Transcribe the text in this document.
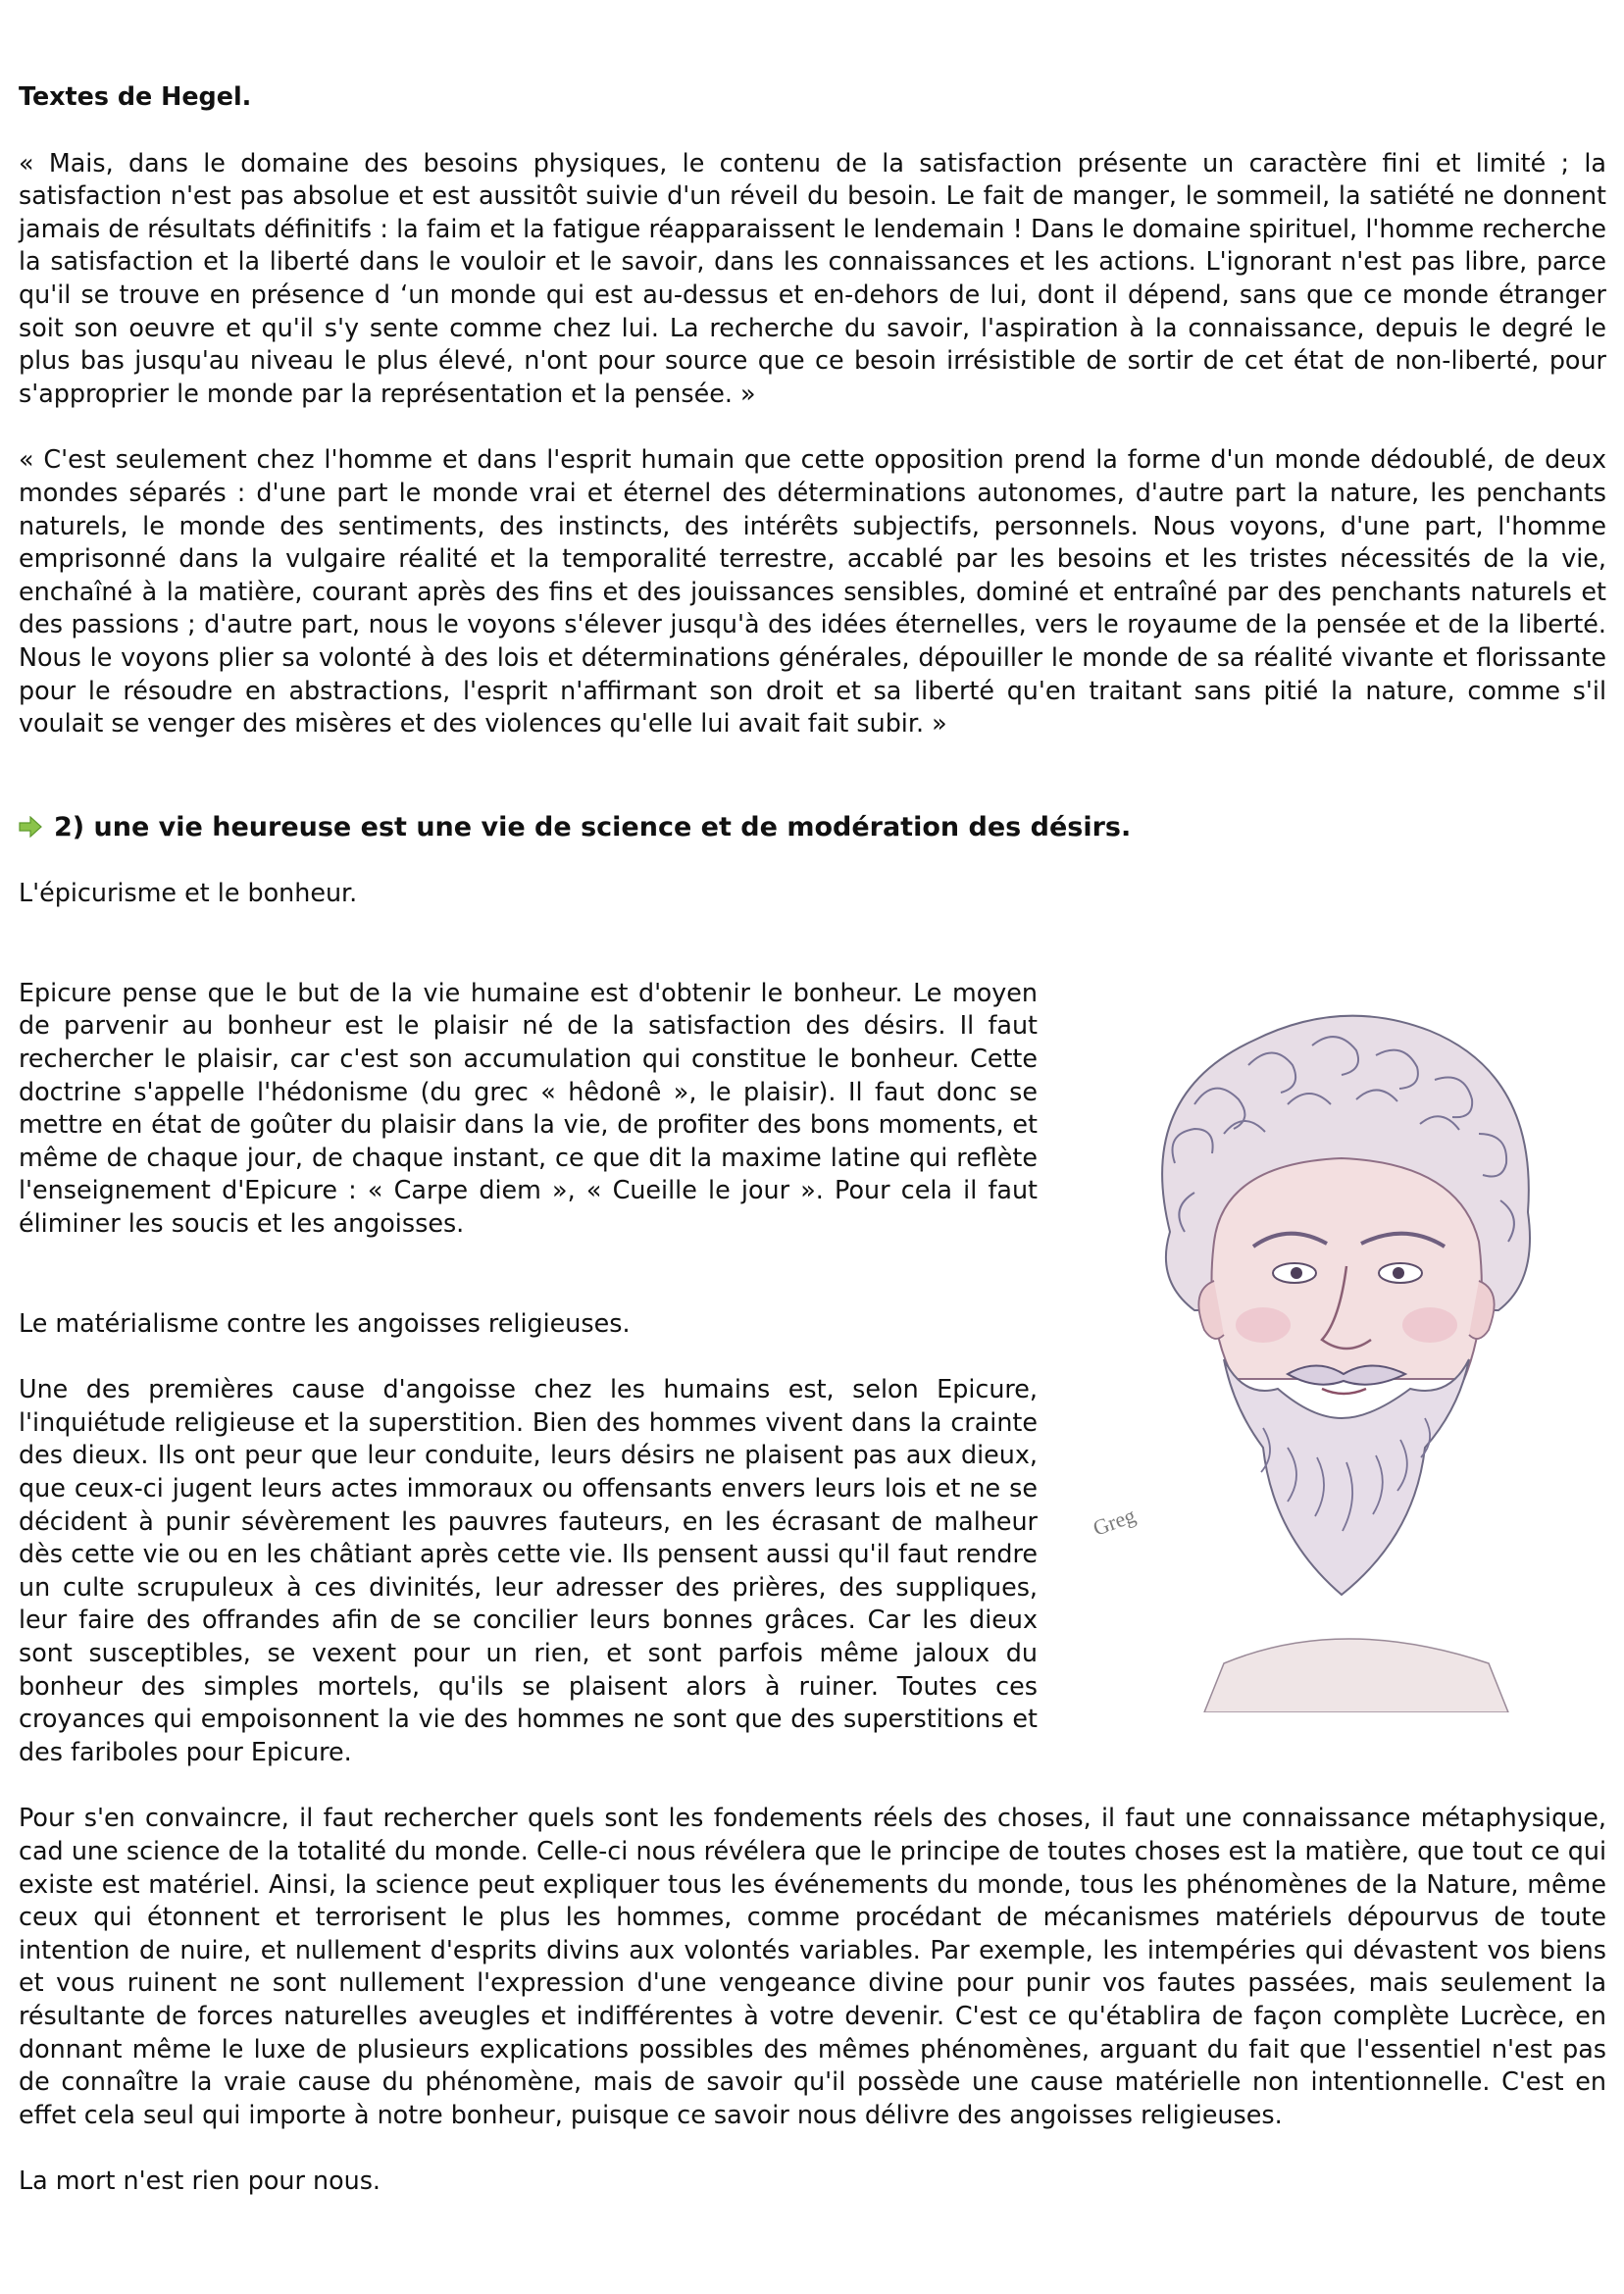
Textes de Hegel.

« Mais, dans le domaine des besoins physiques, le contenu de la satisfaction présente un caractère fini et limité ; la satisfaction n'est pas absolue et est aussitôt suivie d'un réveil du besoin. Le fait de manger, le sommeil, la satiété ne donnent jamais de résultats définitifs : la faim et la fatigue réapparaissent le lendemain ! Dans le domaine spirituel, l'homme recherche la satisfaction et la liberté dans le vouloir et le savoir, dans les connaissances et les actions. L'ignorant n'est pas libre, parce qu'il se trouve en présence d ‘un monde qui est au-dessus et en-dehors de lui, dont il dépend, sans que ce monde étranger soit son oeuvre et qu'il s'y sente comme chez lui. La recherche du savoir, l'aspiration à la connaissance, depuis le degré le plus bas jusqu'au niveau le plus élevé, n'ont pour source que ce besoin irrésistible de sortir de cet état de non-liberté, pour s'approprier le monde par la représentation et la pensée. »

« C'est seulement chez l'homme et dans l'esprit humain que cette opposition prend la forme d'un monde dédoublé, de deux mondes séparés : d'une part le monde vrai et éternel des déterminations autonomes, d'autre part la nature, les penchants naturels, le monde des sentiments, des instincts, des intérêts subjectifs, personnels. Nous voyons, d'une part, l'homme emprisonné dans la vulgaire réalité et la temporalité terrestre, accablé par les besoins et les tristes nécessités de la vie, enchaîné à la matière, courant après des fins et des jouissances sensibles, dominé et entraîné par des penchants naturels et des passions ; d'autre part, nous le voyons s'élever jusqu'à des idées éternelles, vers le royaume de la pensée et de la liberté. Nous le voyons plier sa volonté à des lois et déterminations générales, dépouiller le monde de sa réalité vivante et florissante pour le résoudre en abstractions, l'esprit n'affirmant son droit et sa liberté qu'en traitant sans pitié la nature, comme s'il voulait se venger des misères et des violences qu'elle lui avait fait subir. »

2) une vie heureuse est une vie de science et de modération des désirs.

L'épicurisme et le bonheur.

Greg

Epicure pense que le but de la vie humaine est d'obtenir le bonheur. Le moyen de parvenir au bonheur est le plaisir né de la satisfaction des désirs. Il faut rechercher le plaisir, car c'est son accumulation qui constitue le bonheur. Cette doctrine s'appelle l'hédonisme (du grec « hêdonê », le plaisir). Il faut donc se mettre en état de goûter du plaisir dans la vie, de profiter des bons moments, et même de chaque jour, de chaque instant, ce que dit la maxime latine qui reflète l'enseignement d'Epicure : « Carpe diem », « Cueille le jour ». Pour cela il faut éliminer les soucis et les angoisses.

Le matérialisme contre les angoisses religieuses.

Une des premières cause d'angoisse chez les humains est, selon Epicure, l'inquiétude religieuse et la superstition. Bien des hommes vivent dans la crainte des dieux. Ils ont peur que leur conduite, leurs désirs ne plaisent pas aux dieux, que ceux-ci jugent leurs actes immoraux ou offensants envers leurs lois et ne se décident à punir sévèrement les pauvres fauteurs, en les écrasant de malheur dès cette vie ou en les châtiant après cette vie. Ils pensent aussi qu'il faut rendre un culte scrupuleux à ces divinités, leur adresser des prières, des suppliques, leur faire des offrandes afin de se concilier leurs bonnes grâces. Car les dieux sont susceptibles, se vexent pour un rien, et sont parfois même jaloux du bonheur des simples mortels, qu'ils se plaisent alors à ruiner. Toutes ces croyances qui empoisonnent la vie des hommes ne sont que des superstitions et des fariboles pour Epicure.

Pour s'en convaincre, il faut rechercher quels sont les fondements réels des choses, il faut une connaissance métaphysique, cad une science de la totalité du monde. Celle-ci nous révélera que le principe de toutes choses est la matière, que tout ce qui existe est matériel. Ainsi, la science peut expliquer tous les événements du monde, tous les phénomènes de la Nature, même ceux qui étonnent et terrorisent le plus les hommes, comme procédant de mécanismes matériels dépourvus de toute intention de nuire, et nullement d'esprits divins aux volontés variables. Par exemple, les intempéries qui dévastent vos biens et vous ruinent ne sont nullement l'expression d'une vengeance divine pour punir vos fautes passées, mais seulement la résultante de forces naturelles aveugles et indifférentes à votre devenir. C'est ce qu'établira de façon complète Lucrèce, en donnant même le luxe de plusieurs explications possibles des mêmes phénomènes, arguant du fait que l'essentiel n'est pas de connaître la vraie cause du phénomène, mais de savoir qu'il possède une cause matérielle non intentionnelle. C'est en effet cela seul qui importe à notre bonheur, puisque ce savoir nous délivre des angoisses religieuses.

La mort n'est rien pour nous.
